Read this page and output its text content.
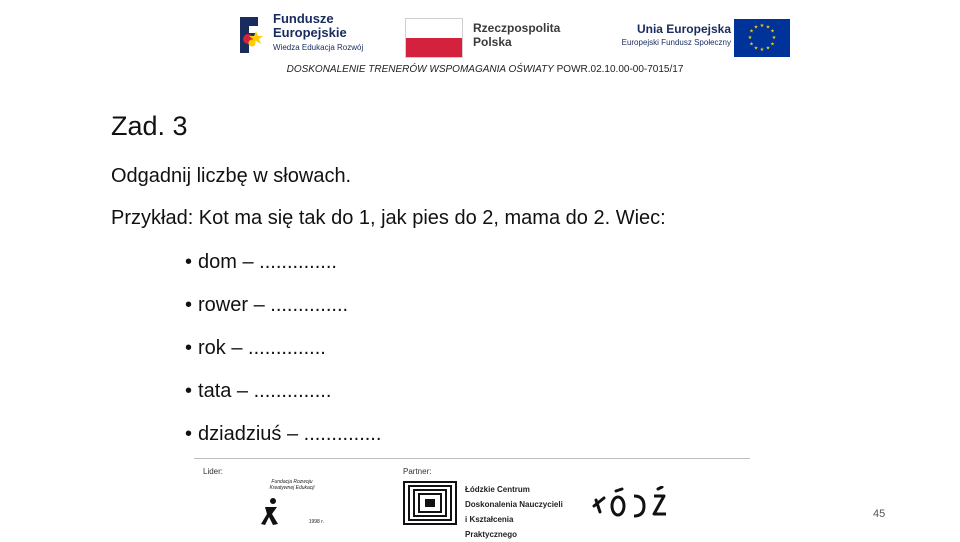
Fundusze
Europejskie
Wiedza Edukacja Rozwój
Rzeczpospolita
Polska
Unia Europejska
Europejski Fundusz Społeczny
★ ★
★
★
★
★
★
★
★
★
★
★
DOSKONALENIE TRENERÓW WSPOMAGANIA OŚWIATY POWR.02.10.00-00-7015/17
Zad. 3
Odgadnij liczbę w słowach.
Przykład: Kot ma się tak do 1, jak pies do 2, mama do 2. Wiec:
• dom – ..............
• rower – ..............
• rok – ..............
• tata – ..............
• dziadziuś – ..............
Lider:	Partner:
Fundacja Rozwoju Kreatywnej Edukacji
1998 r.
Łódzkie Centrum
Doskonalenia Nauczycieli
i Kształcenia Praktycznego
45
